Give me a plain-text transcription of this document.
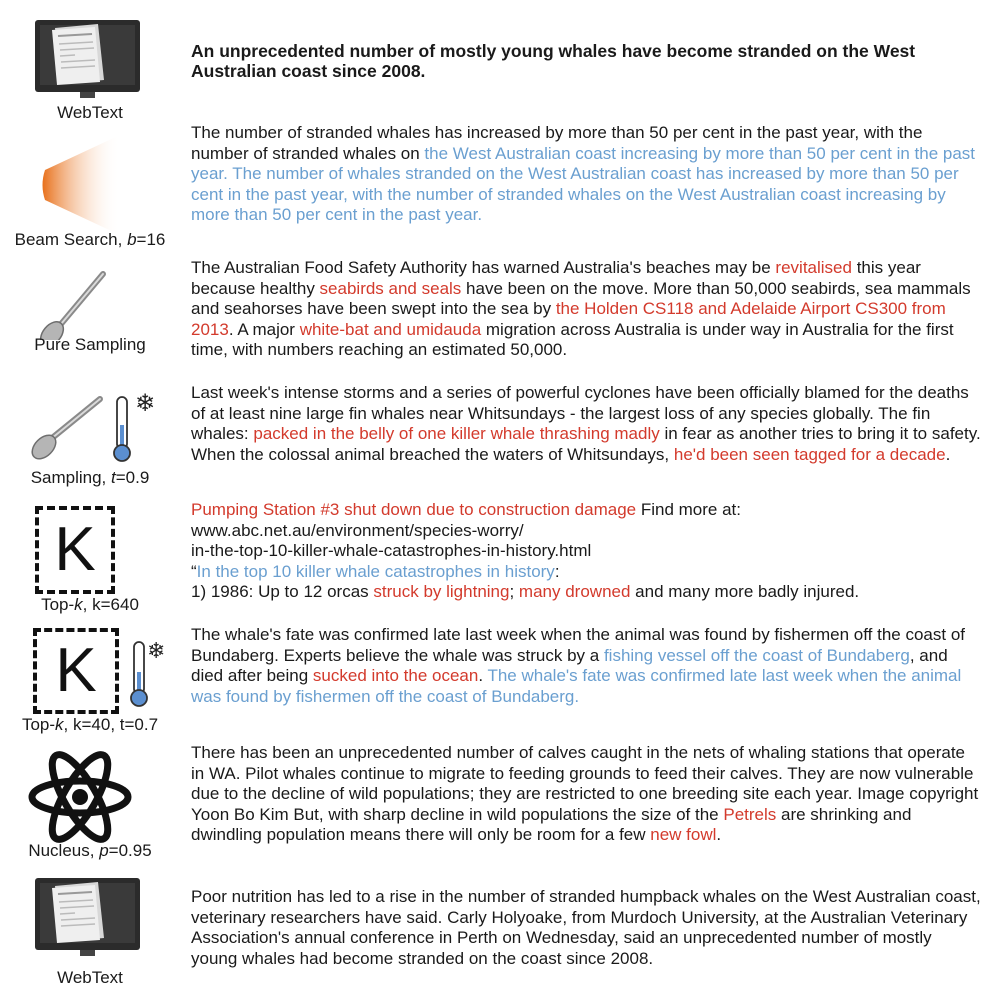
WebText
An unprecedented number of mostly young whales have become stranded on the West Australian coast since 2008.
Beam Search, b=16
The number of stranded whales has increased by more than 50 per cent in the past year, with the number of stranded whales on the West Australian coast increasing by more than 50 per cent in the past year. The number of whales stranded on the West Australian coast has increased by more than 50 per cent in the past year, with the number of stranded whales on the West Australian coast increasing by more than 50 per cent in the past year.
Pure Sampling
The Australian Food Safety Authority has warned Australia's beaches may be revitalised this year because healthy seabirds and seals have been on the move. More than 50,000 seabirds, sea mammals and seahorses have been swept into the sea by the Holden CS118 and Adelaide Airport CS300 from 2013. A major white-bat and umidauda migration across Australia is under way in Australia for the first time, with numbers reaching an estimated 50,000.
❄
Sampling, t=0.9
Last week's intense storms and a series of powerful cyclones have been officially blamed for the deaths of at least nine large fin whales near Whitsundays - the largest loss of any species globally. The fin whales: packed in the belly of one killer whale thrashing madly in fear as another tries to bring it to safety. When the colossal animal breached the waters of Whitsundays, he'd been seen tagged for a decade.
K
Top-k, k=640
Pumping Station #3 shut down due to construction damage Find more at:
www.abc.net.au/environment/species-worry/
in-the-top-10-killer-whale-catastrophes-in-history.html
“In the top 10 killer whale catastrophes in history:
1) 1986: Up to 12 orcas struck by lightning; many drowned and many more badly injured.
K	❄
Top-k, k=40, t=0.7
The whale's fate was confirmed late last week when the animal was found by fishermen off the coast of Bundaberg. Experts believe the whale was struck by a fishing vessel off the coast of Bundaberg, and died after being sucked into the ocean. The whale's fate was confirmed late last week when the animal was found by fishermen off the coast of Bundaberg.
Nucleus, p=0.95
There has been an unprecedented number of calves caught in the nets of whaling stations that operate in WA. Pilot whales continue to migrate to feeding grounds to feed their calves. They are now vulnerable due to the decline of wild populations; they are restricted to one breeding site each year. Image copyright Yoon Bo Kim But, with sharp decline in wild populations the size of the Petrels are shrinking and dwindling population means there will only be room for a few new fowl.
WebText
Poor nutrition has led to a rise in the number of stranded humpback whales on the West Australian coast, veterinary researchers have said. Carly Holyoake, from Murdoch University, at the Australian Veterinary Association's annual conference in Perth on Wednesday, said an unprecedented number of mostly young whales had become stranded on the coast since 2008.
